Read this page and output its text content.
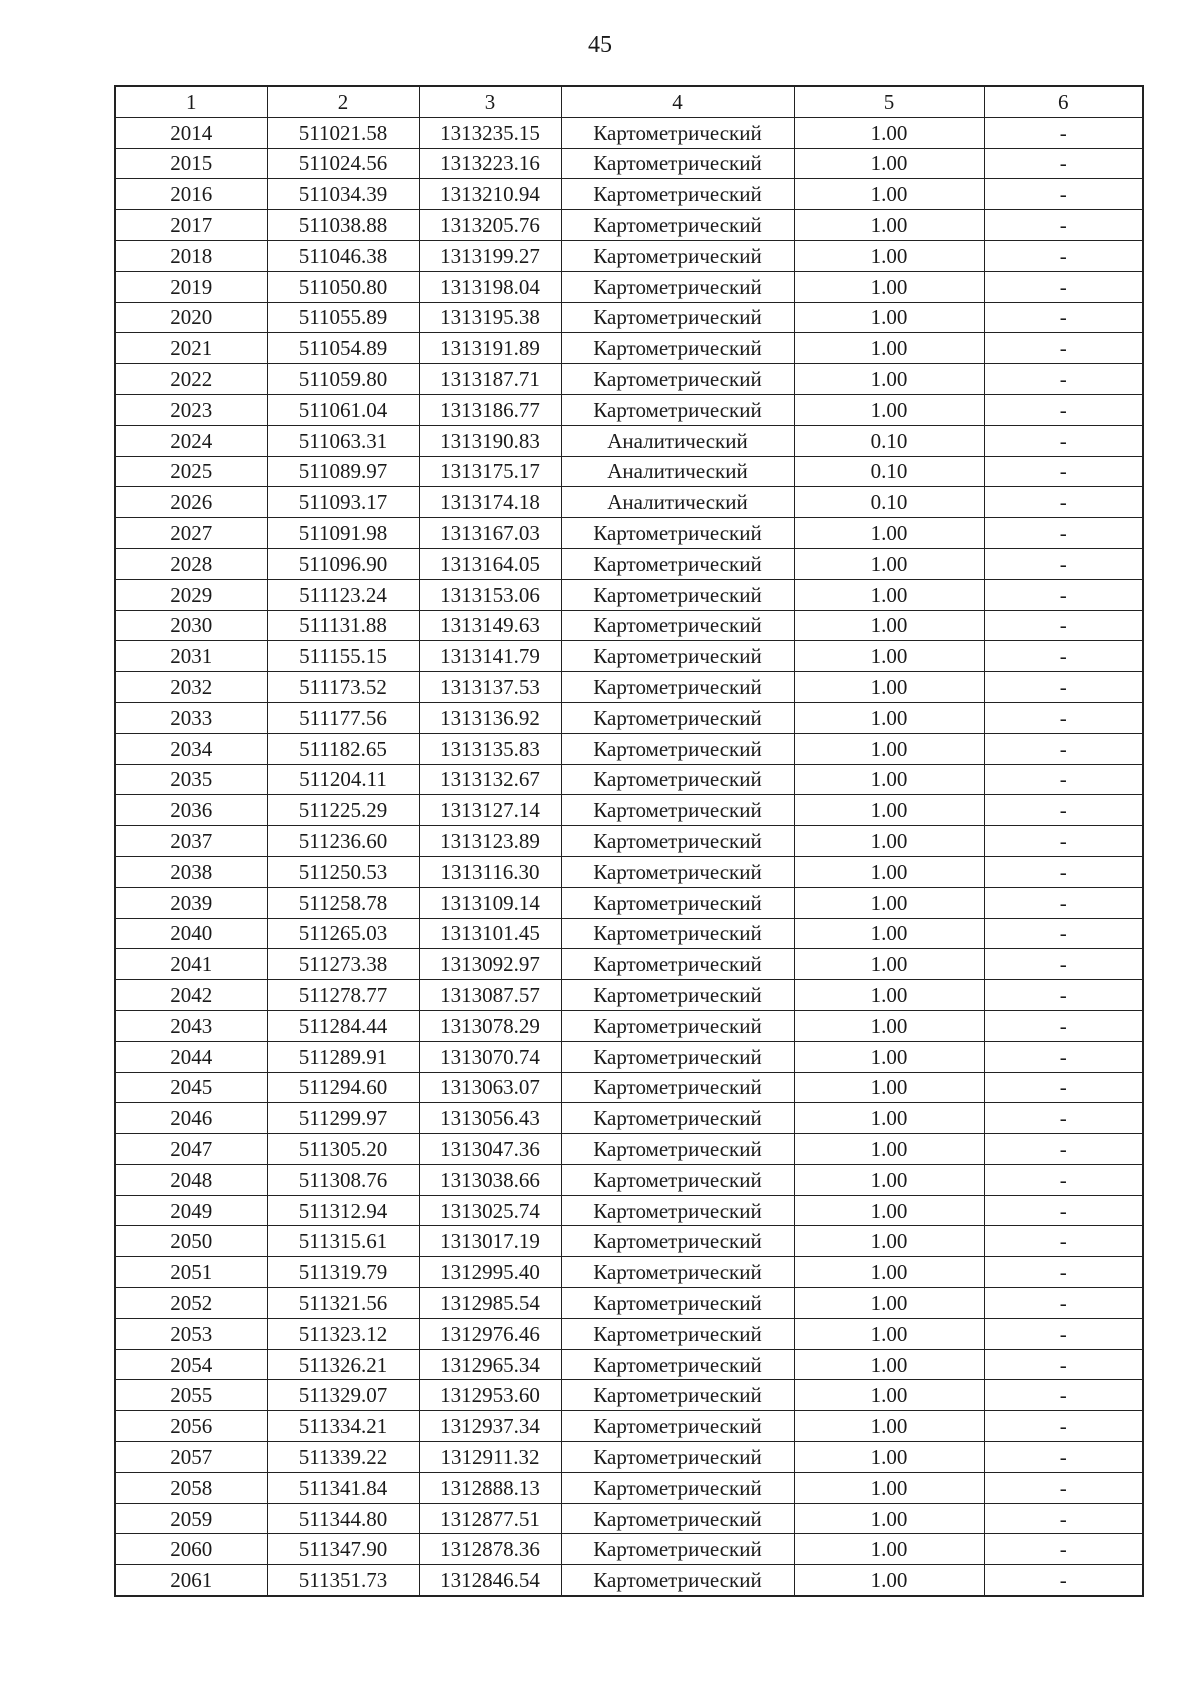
45
1	2	3	4	5	6
2014	511021.58	1313235.15	Картометрический	1.00	-
2015	511024.56	1313223.16	Картометрический	1.00	-
2016	511034.39	1313210.94	Картометрический	1.00	-
2017	511038.88	1313205.76	Картометрический	1.00	-
2018	511046.38	1313199.27	Картометрический	1.00	-
2019	511050.80	1313198.04	Картометрический	1.00	-
2020	511055.89	1313195.38	Картометрический	1.00	-
2021	511054.89	1313191.89	Картометрический	1.00	-
2022	511059.80	1313187.71	Картометрический	1.00	-
2023	511061.04	1313186.77	Картометрический	1.00	-
2024	511063.31	1313190.83	Аналитический	0.10	-
2025	511089.97	1313175.17	Аналитический	0.10	-
2026	511093.17	1313174.18	Аналитический	0.10	-
2027	511091.98	1313167.03	Картометрический	1.00	-
2028	511096.90	1313164.05	Картометрический	1.00	-
2029	511123.24	1313153.06	Картометрический	1.00	-
2030	511131.88	1313149.63	Картометрический	1.00	-
2031	511155.15	1313141.79	Картометрический	1.00	-
2032	511173.52	1313137.53	Картометрический	1.00	-
2033	511177.56	1313136.92	Картометрический	1.00	-
2034	511182.65	1313135.83	Картометрический	1.00	-
2035	511204.11	1313132.67	Картометрический	1.00	-
2036	511225.29	1313127.14	Картометрический	1.00	-
2037	511236.60	1313123.89	Картометрический	1.00	-
2038	511250.53	1313116.30	Картометрический	1.00	-
2039	511258.78	1313109.14	Картометрический	1.00	-
2040	511265.03	1313101.45	Картометрический	1.00	-
2041	511273.38	1313092.97	Картометрический	1.00	-
2042	511278.77	1313087.57	Картометрический	1.00	-
2043	511284.44	1313078.29	Картометрический	1.00	-
2044	511289.91	1313070.74	Картометрический	1.00	-
2045	511294.60	1313063.07	Картометрический	1.00	-
2046	511299.97	1313056.43	Картометрический	1.00	-
2047	511305.20	1313047.36	Картометрический	1.00	-
2048	511308.76	1313038.66	Картометрический	1.00	-
2049	511312.94	1313025.74	Картометрический	1.00	-
2050	511315.61	1313017.19	Картометрический	1.00	-
2051	511319.79	1312995.40	Картометрический	1.00	-
2052	511321.56	1312985.54	Картометрический	1.00	-
2053	511323.12	1312976.46	Картометрический	1.00	-
2054	511326.21	1312965.34	Картометрический	1.00	-
2055	511329.07	1312953.60	Картометрический	1.00	-
2056	511334.21	1312937.34	Картометрический	1.00	-
2057	511339.22	1312911.32	Картометрический	1.00	-
2058	511341.84	1312888.13	Картометрический	1.00	-
2059	511344.80	1312877.51	Картометрический	1.00	-
2060	511347.90	1312878.36	Картометрический	1.00	-
2061	511351.73	1312846.54	Картометрический	1.00	-
